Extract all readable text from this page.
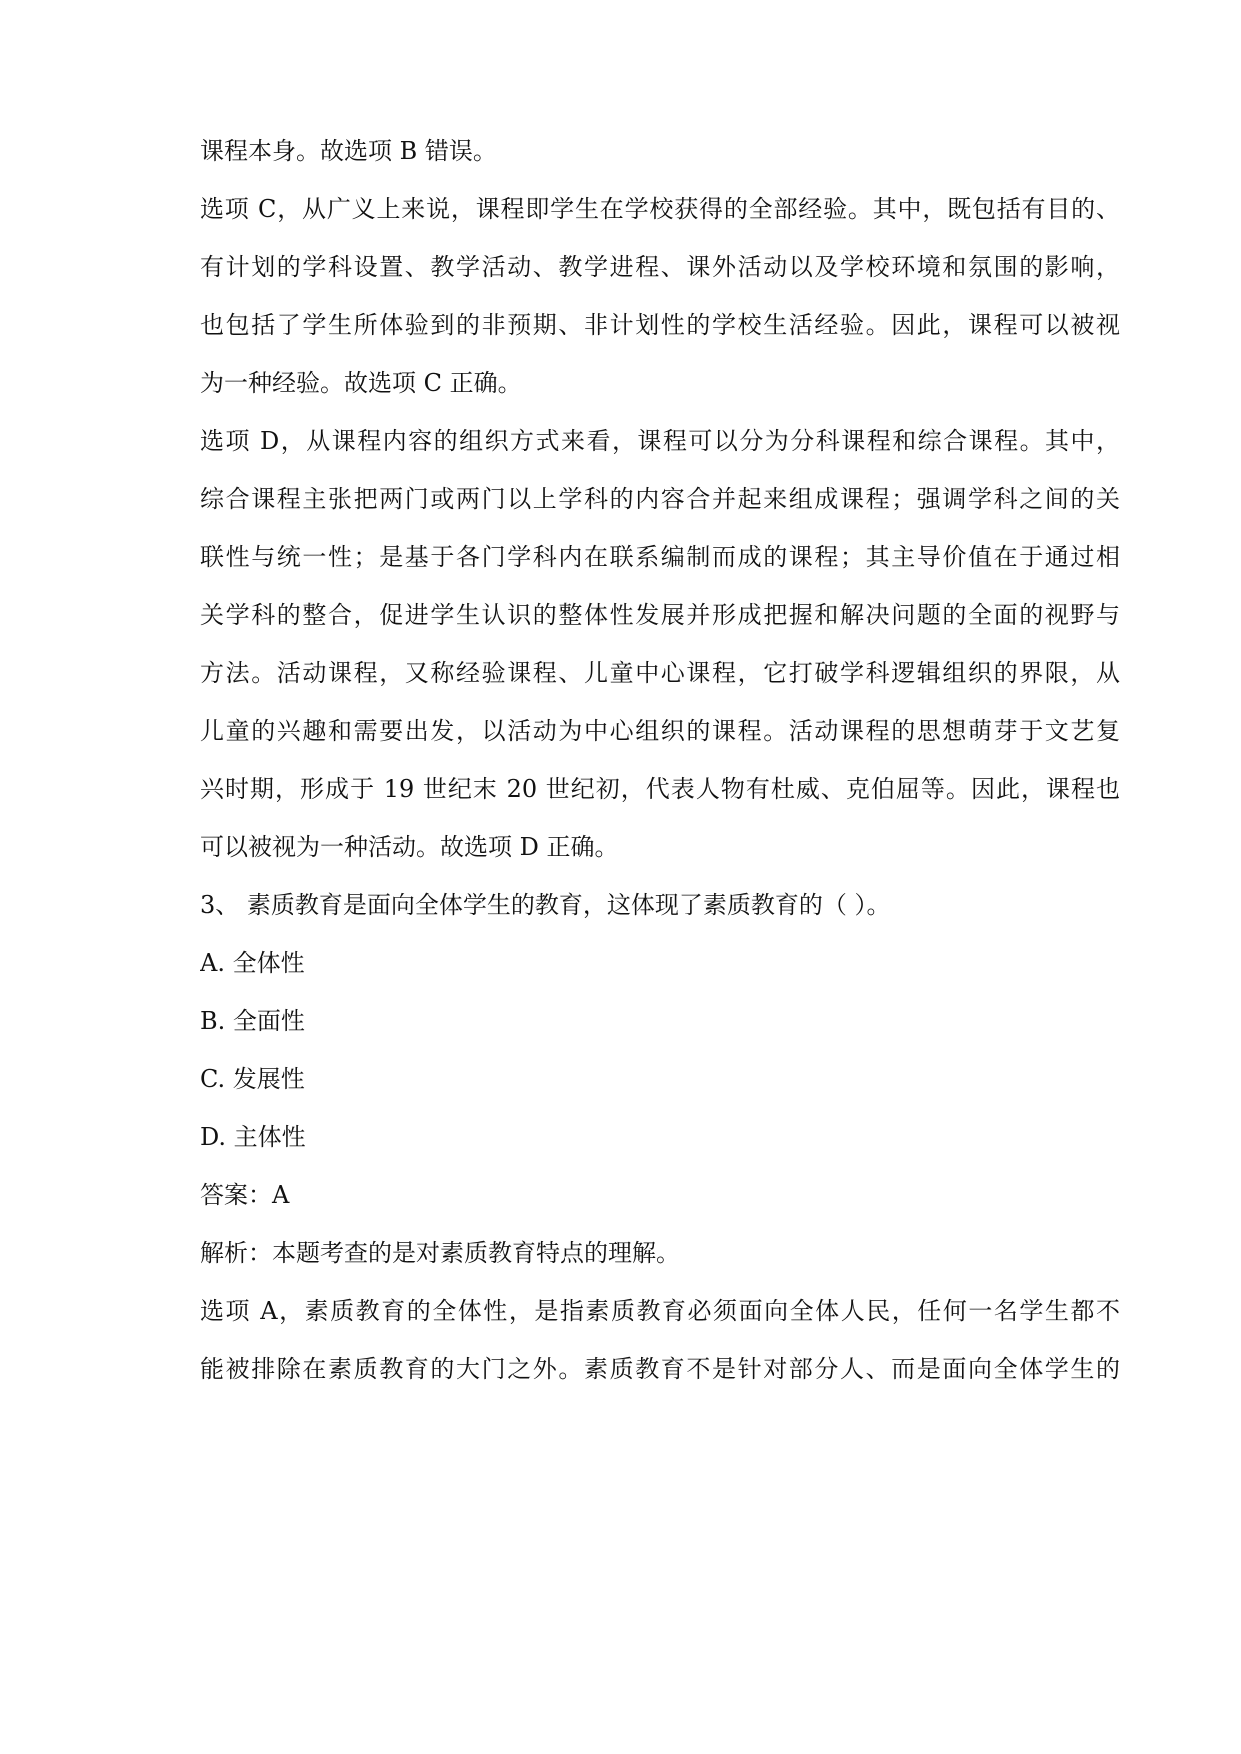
课程本身。故选项 B 错误。
选项 C，从广义上来说，课程即学生在学校获得的全部经验。其中，既包括有目的、
有计划的学科设置、教学活动、教学进程、课外活动以及学校环境和氛围的影响，
也包括了学生所体验到的非预期、非计划性的学校生活经验。因此，课程可以被视
为一种经验。故选项 C 正确。
选项 D，从课程内容的组织方式来看，课程可以分为分科课程和综合课程。其中，
综合课程主张把两门或两门以上学科的内容合并起来组成课程；强调学科之间的关
联性与统一性；是基于各门学科内在联系编制而成的课程；其主导价值在于通过相
关学科的整合，促进学生认识的整体性发展并形成把握和解决问题的全面的视野与
方法。活动课程，又称经验课程、儿童中心课程，它打破学科逻辑组织的界限，从
儿童的兴趣和需要出发，以活动为中心组织的课程。活动课程的思想萌芽于文艺复
兴时期，形成于 19 世纪末 20 世纪初，代表人物有杜威、克伯屈等。因此，课程也
可以被视为一种活动。故选项 D 正确。
3、 素质教育是面向全体学生的教育，这体现了素质教育的（ ）。
A. 全体性
B. 全面性
C. 发展性
D. 主体性
答案：A
解析：本题考查的是对素质教育特点的理解。
选项 A，素质教育的全体性，是指素质教育必须面向全体人民，任何一名学生都不
能被排除在素质教育的大门之外。素质教育不是针对部分人、而是面向全体学生的
